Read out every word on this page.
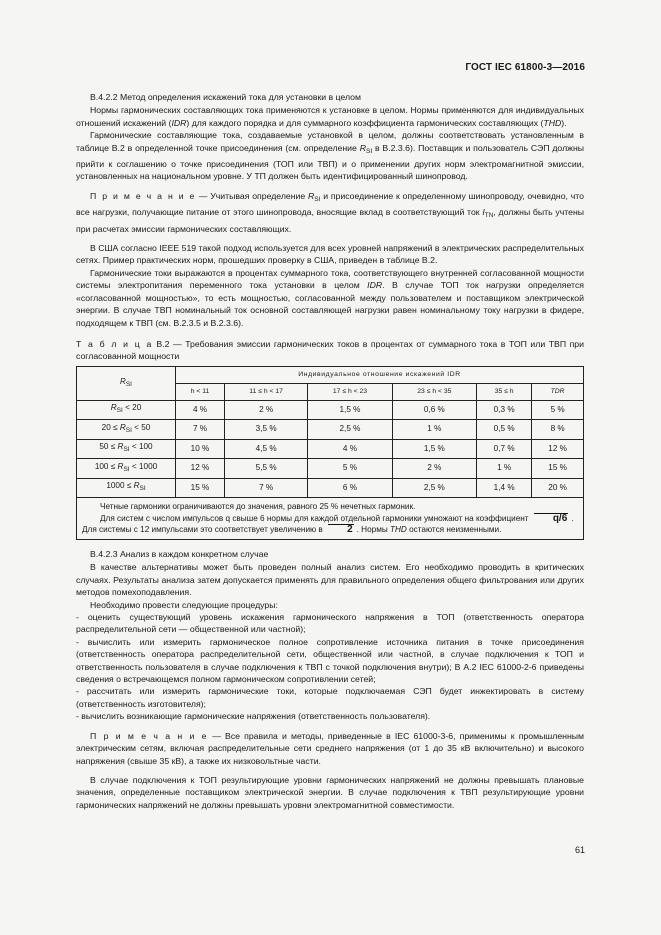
ГОСТ IEC 61800-3—2016

В.4.2.2 Метод определения искажений тока для установки в целом

Нормы гармонических составляющих тока применяются к установке в целом. Нормы применяются для индивидуальных отношений искажений (IDR) для каждого порядка и для суммарного коэффициента гармонических составляющих (THD).

Гармонические составляющие тока, создаваемые установкой в целом, должны соответствовать установленным в таблице В.2 в определенной точке присоединения (см. определение $R_{SI}$ в В.2.3.6). Поставщик и пользователь СЭП должны прийти к соглашению о точке присоединения (ТОП или ТВП) и о применении других норм электромагнитной эмиссии, установленных на национальном уровне. У ТП должен быть идентифицированный шинопровод.

П р и м е ч а н и е — Учитывая определение $R_{SI}$ и присоединение к определенному шинопроводу, очевидно, что все нагрузки, получающие питание от этого шинопровода, вносящие вклад в соответствующий ток $I_{TN}$, должны быть учтены при расчетах эмиссии гармонических составляющих.

В США согласно IEEE 519 такой подход используется для всех уровней напряжений в электрических распределительных сетях. Пример практических норм, прошедших проверку в США, приведен в таблице В.2.

Гармонические токи выражаются в процентах суммарного тока, соответствующего внутренней согласованной мощности системы электропитания переменного тока установки в целом IDR. В случае ТОП ток нагрузки определяется «согласованной мощностью», то есть мощностью, согласованной между пользователем и поставщиком электрической энергии. В случае ТВП номинальный ток основной составляющей нагрузки равен номинальному току нагрузки в фидере, подходящем к ТВП (см. В.2.3.5 и В.2.3.6).

Т а б л и ц а В.2 — Требования эмиссии гармонических токов в процентах от суммарного тока в ТОП или ТВП при согласованной мощности

$R_{SI}$	Индивидуальное отношение искажений IDR					
	h < 11	11 ≤ h < 17	17 ≤ h < 23	23 ≤ h < 35	35 ≤ h	TDR
$R_{SI} < 20$	4 %	2 %	1,5 %	0,6 %	0,3 %	5 %
$20 \le R_{SI} < 50$	7 %	3,5 %	2,5 %	1 %	0,5 %	8 %
$50 \le R_{SI} < 100$	10 %	4,5 %	4 %	1,5 %	0,7 %	12 %
$100 \le R_{SI} < 1000$	12 %	5,5 %	5 %	2 %	1 %	15 %
$1000 \le R_{SI}$	15 %	7 %	6 %	2,5 %	1,4 %	20 %

Четные гармоники ограничиваются до значения, равного 25 % нечетных гармоник.

Для систем с числом импульсов q свыше 6 нормы для каждой отдельной гармоники умножают на коэффициент q/6 . Для системы с 12 импульсами это соответствует увеличению в 2 . Нормы THD остаются неизменными.						

В.4.2.3 Анализ в каждом конкретном случае

В качестве альтернативы может быть проведен полный анализ систем. Его необходимо проводить в критических случаях. Результаты анализа затем допускается применять для правильного определения общего фильтрования или других методов помехоподавления.

Необходимо провести следующие процедуры:

- оценить существующий уровень искажения гармонического напряжения в ТОП (ответственность оператора распределительной сети — общественной или частной);

- вычислить или измерить гармоническое полное сопротивление источника питания в точке присоединения (ответственность оператора распределительной сети, общественной или частной, в случае подключения к ТОП и ответственность пользователя в случае подключения к ТВП с точкой подключения внутри); В А.2 IEC 61000-2-6 приведены сведения о встречающемся полном гармоническом сопротивлении сетей;

- рассчитать или измерить гармонические токи, которые подключаемая СЭП будет инжектировать в систему (ответственность изготовителя);

- вычислить возникающие гармонические напряжения (ответственность пользователя).

П р и м е ч а н и е — Все правила и методы, приведенные в IEC 61000-3-6, применимы к промышленным электрическим сетям, включая распределительные сети среднего напряжения (от 1 до 35 кВ включительно) и высокого напряжения (свыше 35 кВ), а также их низковольтные части.

В случае подключения к ТОП результирующие уровни гармонических напряжений не должны превышать плановые значения, определенные поставщиком электрической энергии. В случае подключения к ТВП результирующие уровни гармонических напряжений не должны превышать уровни электромагнитной совместимости.

61
